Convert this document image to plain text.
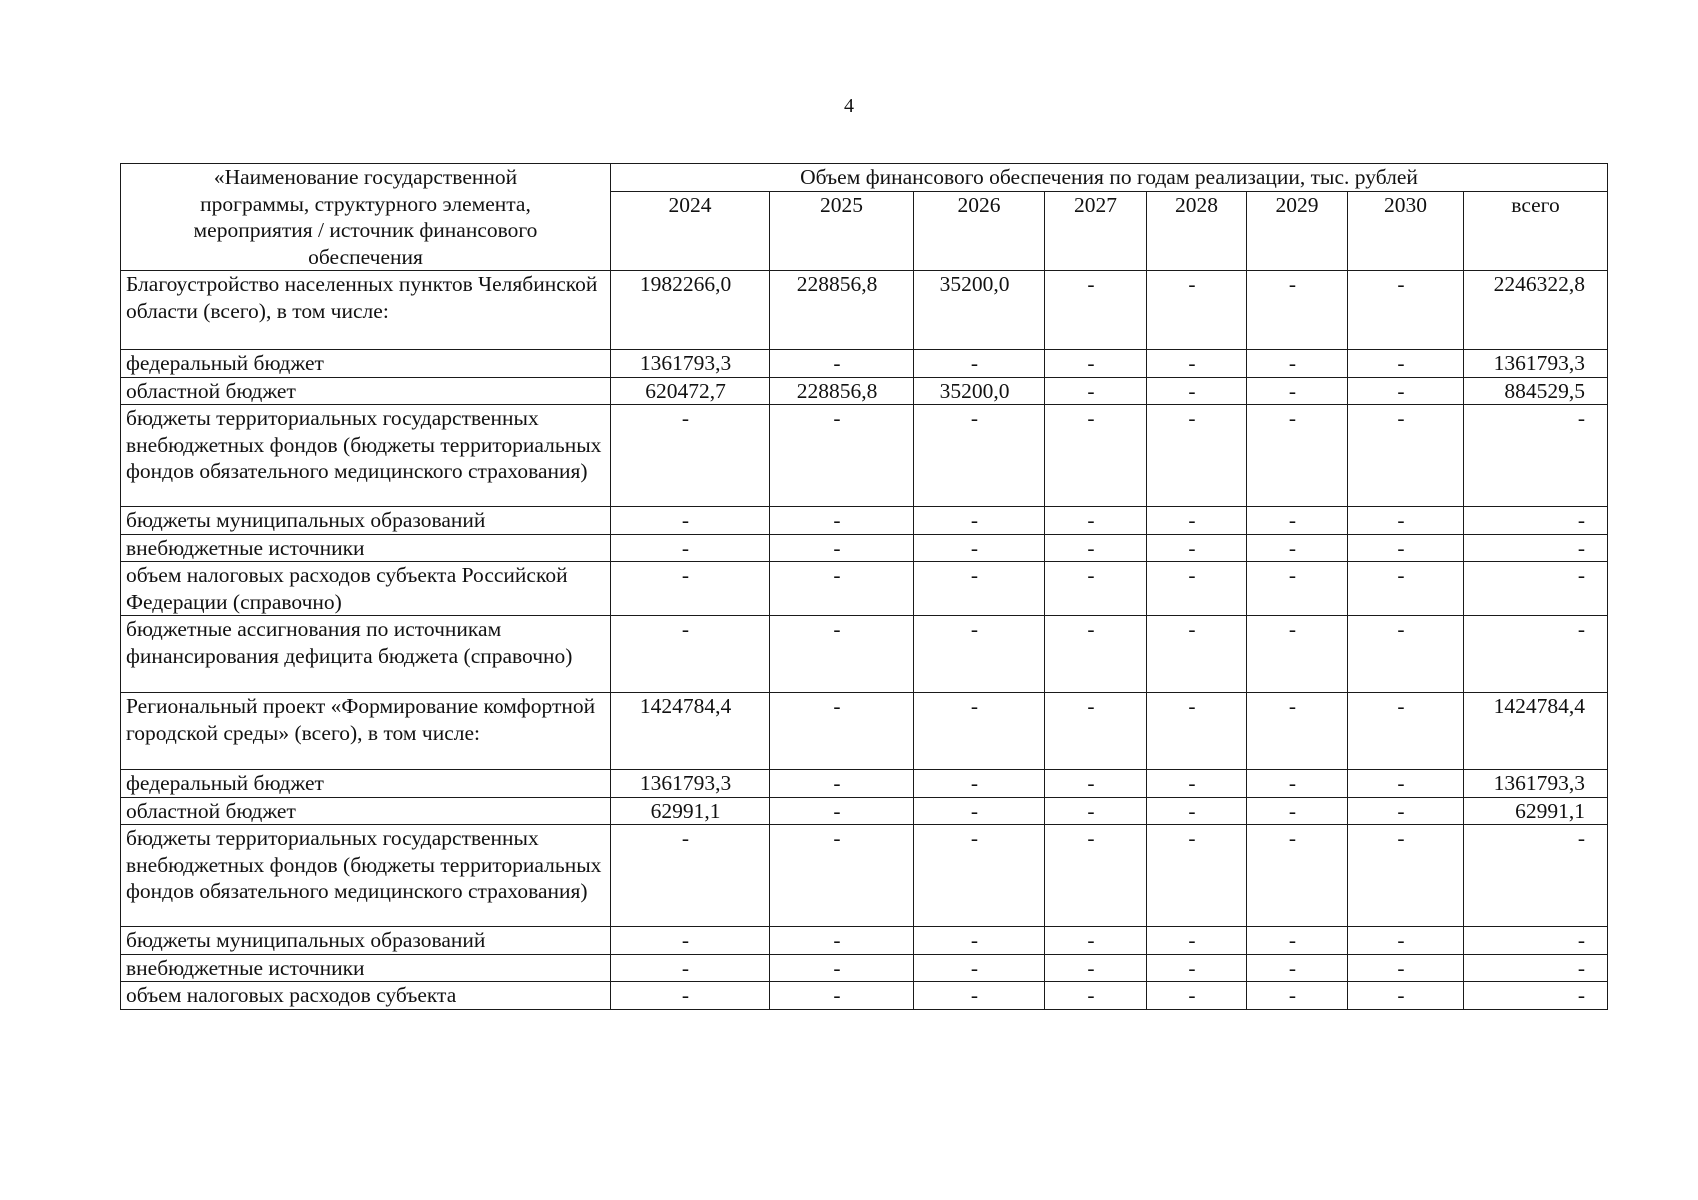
4
«Наименование государственной программы, структурного элемента, мероприятия / источник финансового обеспечения	Объем финансового обеспечения по годам реализации, тыс. рублей							
	2024	2025	2026	2027	2028	2029	2030	всего
Благоустройство населенных пунктов Челябинской области (всего), в том числе:	1982266,0	228856,8	35200,0	-	-	-	-	2246322,8
федеральный бюджет	1361793,3	-	-	-	-	-	-	1361793,3
областной бюджет	620472,7	228856,8	35200,0	-	-	-	-	884529,5
бюджеты территориальных государственных внебюджетных фондов (бюджеты территориальных фондов обязательного медицинского страхования)	-	-	-	-	-	-	-	-
бюджеты муниципальных образований	-	-	-	-	-	-	-	-
внебюджетные источники	-	-	-	-	-	-	-	-
объем налоговых расходов субъекта Российской Федерации (справочно)	-	-	-	-	-	-	-	-
бюджетные ассигнования по источникам финансирования дефицита бюджета (справочно)	-	-	-	-	-	-	-	-
Региональный проект «Формирование комфортной городской среды» (всего), в том числе:	1424784,4	-	-	-	-	-	-	1424784,4
федеральный бюджет	1361793,3	-	-	-	-	-	-	1361793,3
областной бюджет	62991,1	-	-	-	-	-	-	62991,1
бюджеты территориальных государственных внебюджетных фондов (бюджеты территориальных фондов обязательного медицинского страхования)	-	-	-	-	-	-	-	-
бюджеты муниципальных образований	-	-	-	-	-	-	-	-
внебюджетные источники	-	-	-	-	-	-	-	-
объем налоговых расходов субъекта	-	-	-	-	-	-	-	-
